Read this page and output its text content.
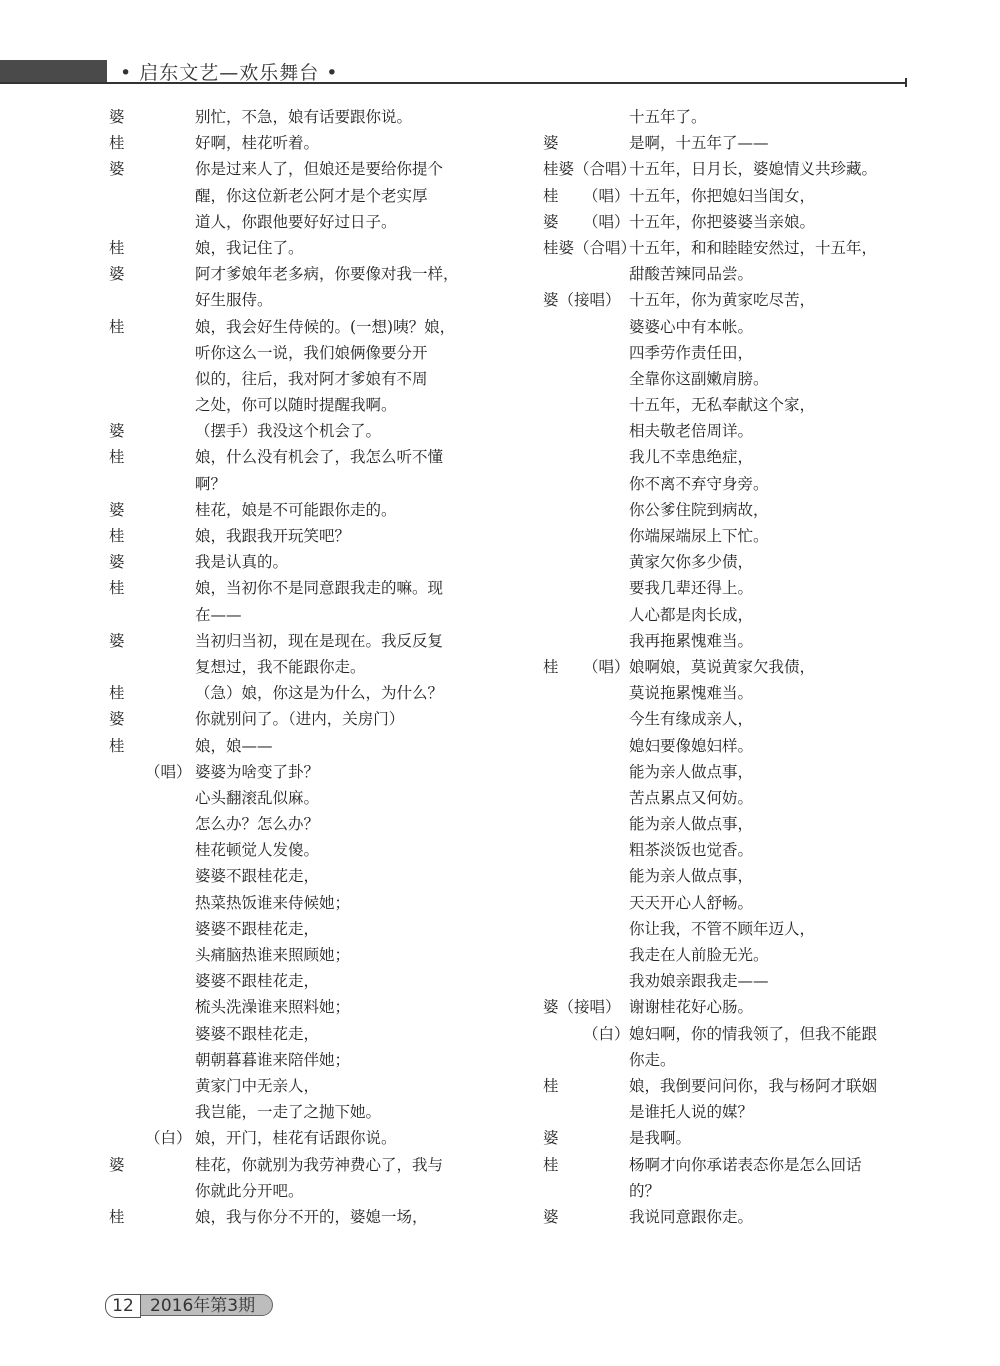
• 启东文艺—欢乐舞台 •
婆	别忙，不急，娘有话要跟你说。
桂	好啊，桂花听着。
婆	你是过来人了，但娘还是要给你提个
醒，你这位新老公阿才是个老实厚
道人，你跟他要好好过日子。
桂	娘，我记住了。
婆	阿才爹娘年老多病，你要像对我一样，
好生服侍。
桂	娘，我会好生侍候的。(一想)咦？娘，
听你这么一说，我们娘俩像要分开
似的，往后，我对阿才爹娘有不周
之处，你可以随时提醒我啊。
婆	（摆手）我没这个机会了。
桂	娘，什么没有机会了，我怎么听不懂
啊？
婆	桂花，娘是不可能跟你走的。
桂	娘，我跟我开玩笑吧？
婆	我是认真的。
桂	娘，当初你不是同意跟我走的嘛。现
在——
婆	当初归当初，现在是现在。我反反复
复想过，我不能跟你走。
桂	（急）娘，你这是为什么，为什么？
婆	你就别问了。（进内，关房门）
桂	娘，娘——
（唱） 婆婆为啥变了卦？
心头翻滚乱似麻。
怎么办？怎么办？
桂花顿觉人发傻。
婆婆不跟桂花走，
热菜热饭谁来侍候她；
婆婆不跟桂花走，
头痛脑热谁来照顾她；
婆婆不跟桂花走，
梳头洗澡谁来照料她；
婆婆不跟桂花走，
朝朝暮暮谁来陪伴她；
黄家门中无亲人，
我岂能，一走了之抛下她。
（白） 娘，开门，桂花有话跟你说。
婆	桂花，你就别为我劳神费心了，我与
你就此分开吧。
桂	娘，我与你分不开的，婆媳一场，
十五年了。
婆	是啊，十五年了——
桂婆（合唱）
十五年，日月长，婆媳情义共珍藏。
桂 （唱） 十五年，你把媳妇当闺女，
婆 （唱） 十五年，你把婆婆当亲娘。
桂婆（合唱）
十五年，和和睦睦安然过，十五年，
甜酸苦辣同品尝。
婆（接唱） 十五年，你为黄家吃尽苦，
婆婆心中有本帐。
四季劳作责任田，
全靠你这副嫩肩膀。
十五年，无私奉献这个家，
相夫敬老倍周详。
我儿不幸患绝症，
你不离不弃守身旁。
你公爹住院到病故，
你端屎端尿上下忙。
黄家欠你多少债，
要我几辈还得上。
人心都是肉长成，
我再拖累愧难当。
桂 （唱） 娘啊娘，莫说黄家欠我债，
莫说拖累愧难当。
今生有缘成亲人，
媳妇要像媳妇样。
能为亲人做点事，
苦点累点又何妨。
能为亲人做点事，
粗茶淡饭也觉香。
能为亲人做点事，
天天开心人舒畅。
你让我，不管不顾年迈人，
我走在人前脸无光。
我劝娘亲跟我走——
婆（接唱） 谢谢桂花好心肠。
（白） 媳妇啊，你的情我领了，但我不能跟
你走。
桂	娘，我倒要问问你，我与杨阿才联姻
是谁托人说的媒？
婆	是我啊。
桂	杨啊才向你承诺表态你是怎么回话
的？
婆	我说同意跟你走。
2016年第3期
12
